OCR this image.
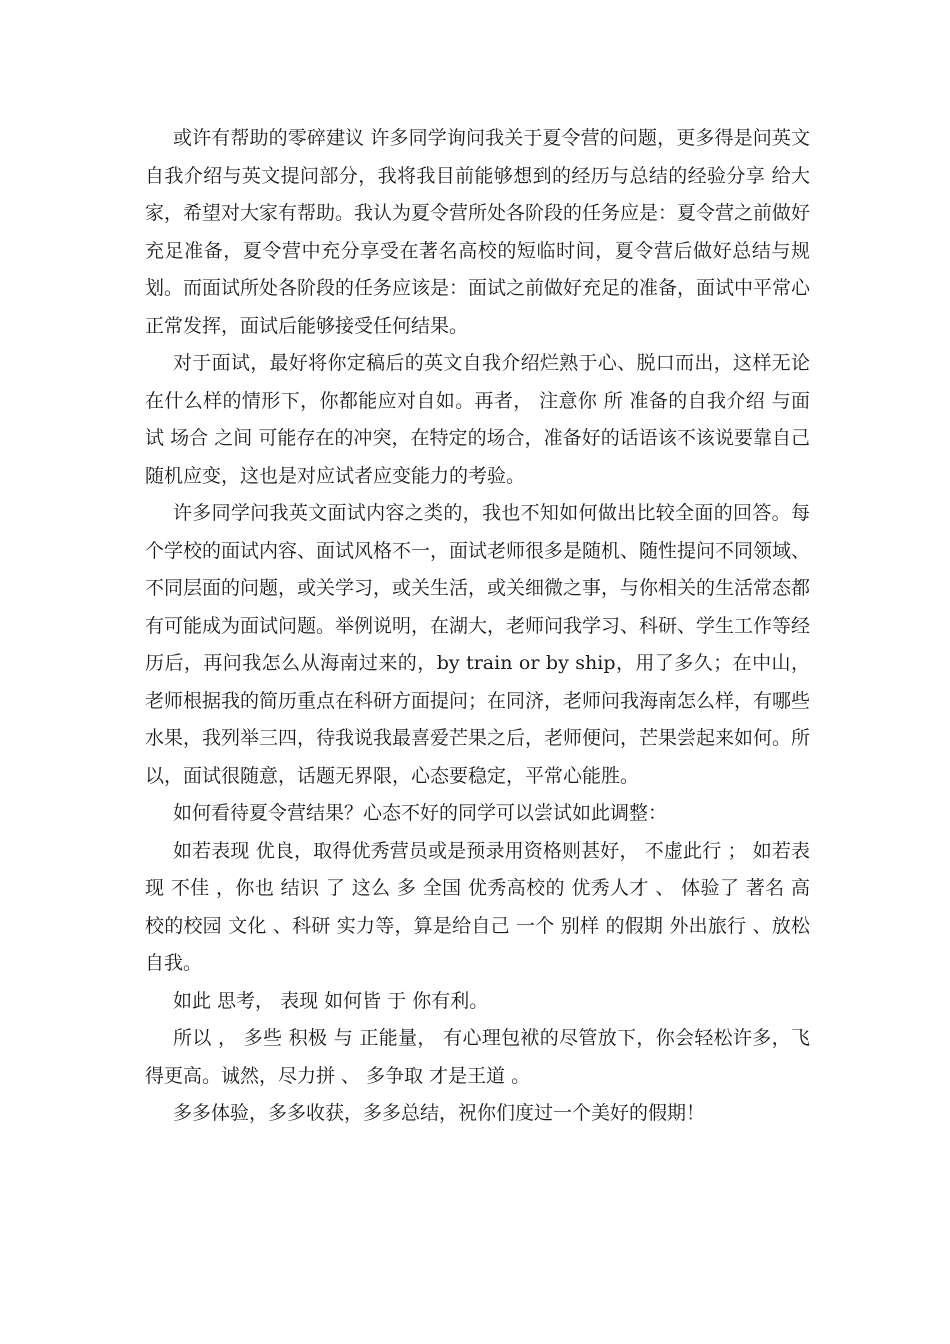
或许有帮助的零碎建议 许多同学询问我关于夏令营的问题，更多得是问英文自我介绍与英文提问部分，我将我目前能够想到的经历与总结的经验分享 给大家，希望对大家有帮助。我认为夏令营所处各阶段的任务应是：夏令营之前做好充足准备，夏令营中充分享受在著名高校的短临时间，夏令营后做好总结与规划。而面试所处各阶段的任务应该是：面试之前做好充足的准备，面试中平常心正常发挥，面试后能够接受任何结果。

对于面试，最好将你定稿后的英文自我介绍烂熟于心、脱口而出，这样无论在什么样的情形下，你都能应对自如。再者， 注意你 所 准备的自我介绍 与面试 场合 之间 可能存在的冲突，在特定的场合，准备好的话语该不该说要靠自己随机应变，这也是对应试者应变能力的考验。

许多同学问我英文面试内容之类的，我也不知如何做出比较全面的回答。每个学校的面试内容、面试风格不一，面试老师很多是随机、随性提问不同领域、不同层面的问题，或关学习，或关生活，或关细微之事，与你相关的生活常态都有可能成为面试问题。举例说明，在湖大，老师问我学习、科研、学生工作等经历后，再问我怎么从海南过来的，by train or by ship，用了多久；在中山，老师根据我的简历重点在科研方面提问；在同济，老师问我海南怎么样，有哪些水果，我列举三四，待我说我最喜爱芒果之后，老师便问，芒果尝起来如何。所以，面试很随意，话题无界限，心态要稳定，平常心能胜。

如何看待夏令营结果？心态不好的同学可以尝试如此调整：

如若表现 优良，取得优秀营员或是预录用资格则甚好， 不虚此行 ； 如若表现 不佳 ，你也 结识 了 这么 多 全国 优秀高校的 优秀人才 、 体验了 著名 高校的校园 文化 、科研 实力等，算是给自己 一个 别样 的假期 外出旅行 、放松 自我。

如此 思考， 表现 如何皆 于 你有利。

所以 ， 多些 积极 与 正能量， 有心理包袱的尽管放下，你会轻松许多，飞得更高。诚然，尽力拼 、 多争取 才是王道 。

多多体验，多多收获，多多总结，祝你们度过一个美好的假期！
